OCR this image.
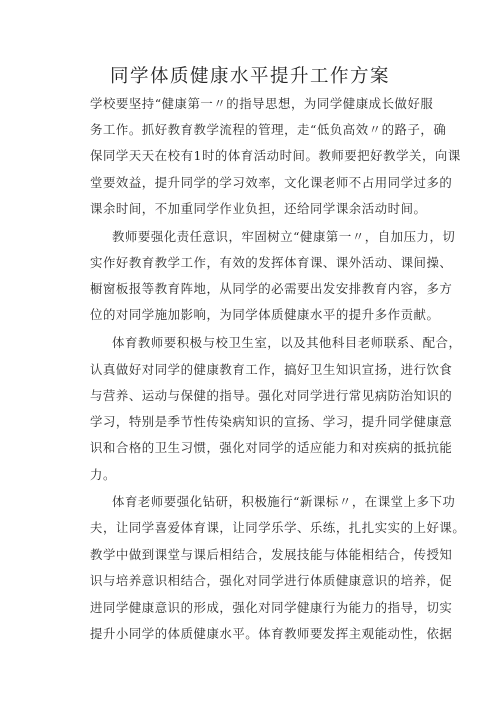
同学体质健康水平提升工作方案
学校要坚持“健康第一〃的指导思想，为同学健康成长做好服
务工作。抓好教育教学流程的管理，走“低负高效〃的路子，确
保同学天天在校有1时的体育活动时间。教师要把好教学关，向课
堂要效益，提升同学的学习效率，文化课老师不占用同学过多的
课余时间，不加重同学作业负担，还给同学课余活动时间。
教师要强化责任意识，牢固树立“健康第一〃，自加压力，切
实作好教育教学工作，有效的发挥体育课、课外活动、课间操、
橱窗板报等教育阵地，从同学的必需要出发安排教育内容，多方
位的对同学施加影响，为同学体质健康水平的提升多作贡献。
体育教师要积极与校卫生室，以及其他科目老师联系、配合，
认真做好对同学的健康教育工作，搞好卫生知识宣扬，进行饮食
与营养、运动与保健的指导。强化对同学进行常见病防治知识的
学习，特别是季节性传染病知识的宣扬、学习，提升同学健康意
识和合格的卫生习惯，强化对同学的适应能力和对疾病的抵抗能
力。
体育老师要强化钻研，积极施行“新课标〃，在课堂上多下功
夫，让同学喜爱体育课，让同学乐学、乐练，扎扎实实的上好课。
教学中做到课堂与课后相结合，发展技能与体能相结合，传授知
识与培养意识相结合，强化对同学进行体质健康意识的培养，促
进同学健康意识的形成，强化对同学健康行为能力的指导，切实
提升小同学的体质健康水平。体育教师要发挥主观能动性，依据
